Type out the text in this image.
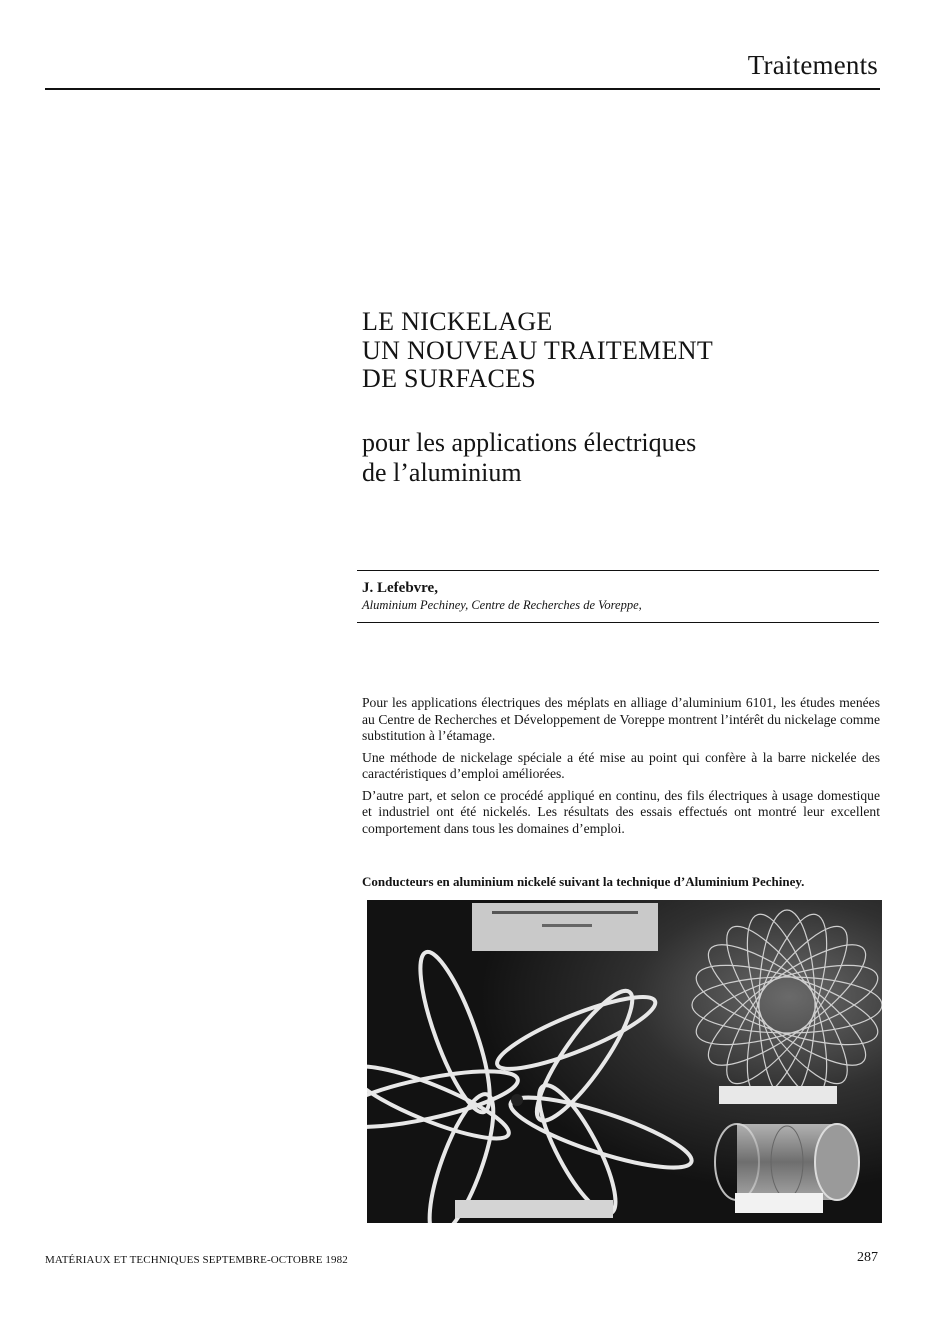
Traitements
LE NICKELAGE
UN NOUVEAU TRAITEMENT
DE SURFACES
pour les applications électriques
de l’aluminium
J. Lefebvre,
Aluminium Pechiney, Centre de Recherches de Voreppe,

Pour les applications électriques des méplats en alliage d’aluminium 6101, les études menées au Centre de Recherches et Développement de Voreppe montrent l’intérêt du nickelage comme substitution à l’étamage.

Une méthode de nickelage spéciale a été mise au point qui confère à la barre nickelée des caractéristiques d’emploi améliorées.

D’autre part, et selon ce procédé appliqué en continu, des fils électriques à usage domestique et industriel ont été nickelés. Les résultats des essais effectués ont montré leur excellent comportement dans tous les domaines d’emploi.

Conducteurs en aluminium nickelé suivant la technique d’Aluminium Pechiney.
MATÉRIAUX ET TECHNIQUES SEPTEMBRE-OCTOBRE 1982	287
